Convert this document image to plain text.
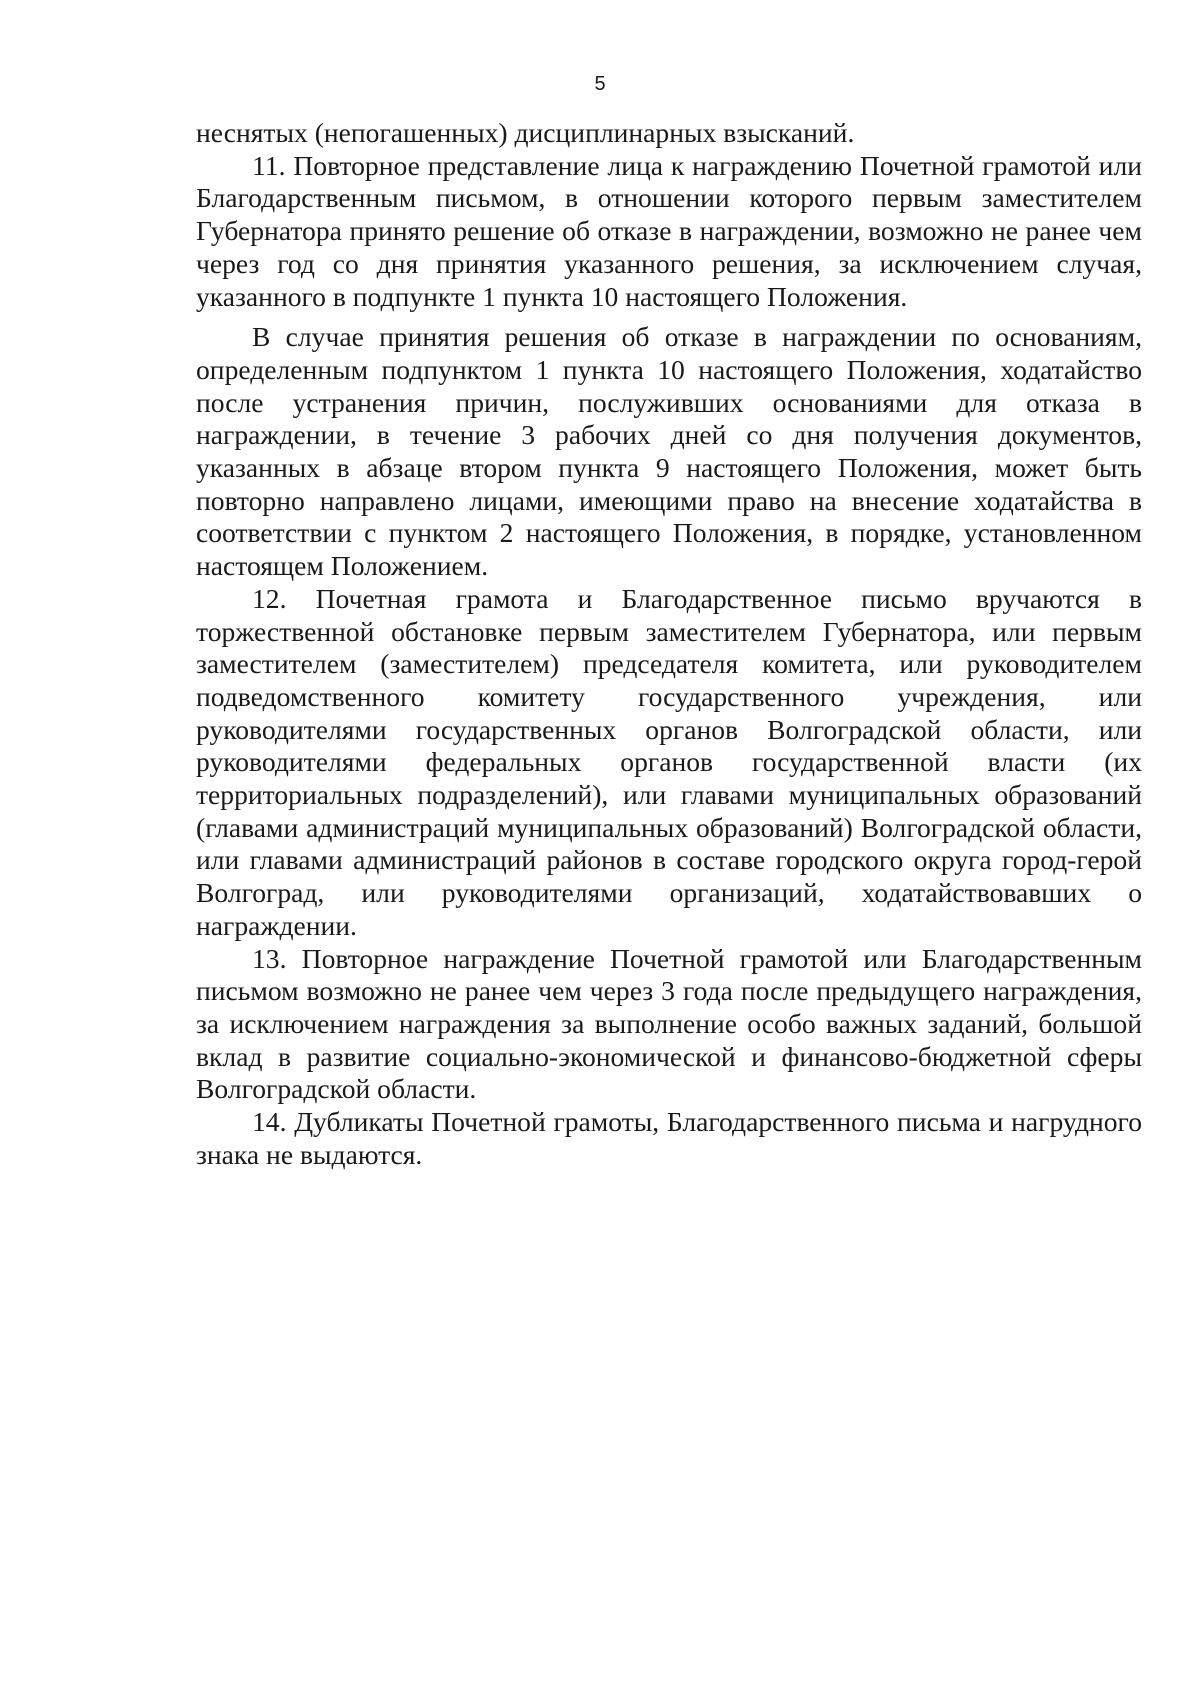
5

неснятых (непогашенных) дисциплинарных взысканий.

11. Повторное представление лица к награждению Почетной грамотой или Благодарственным письмом, в отношении которого первым заместителем Губернатора принято решение об отказе в награждении, возможно не ранее чем через год со дня принятия указанного решения, за исключением случая, указанного в подпункте 1 пункта 10 настоящего Положения.

В случае принятия решения об отказе в награждении по основаниям, определенным подпунктом 1 пункта 10 настоящего Положения, ходатайство после устранения причин, послуживших основаниями для отказа в награждении, в течение 3 рабочих дней со дня получения документов, указанных в абзаце втором пункта 9 настоящего Положения, может быть повторно направлено лицами, имеющими право на внесение ходатайства в соответствии с пунктом 2 настоящего Положения, в порядке, установленном настоящем Положением.

12. Почетная грамота и Благодарственное письмо вручаются в торжественной обстановке первым заместителем Губернатора, или первым заместителем (заместителем) председателя комитета, или руководителем подведомственного комитету государственного учреждения, или руководителями государственных органов Волгоградской области, или руководителями федеральных органов государственной власти (их территориальных подразделений), или главами муниципальных образований (главами администраций муниципальных образований) Волгоградской области, или главами администраций районов в составе городского округа город-герой Волгоград, или руководителями организаций, ходатайствовавших о награждении.

13. Повторное награждение Почетной грамотой или Благодарственным письмом возможно не ранее чем через 3 года после предыдущего награждения, за исключением награждения за выполнение особо важных заданий, большой вклад в развитие социально-экономической и финансово-бюджетной сферы Волгоградской области.

14. Дубликаты Почетной грамоты, Благодарственного письма и нагрудного знака не выдаются.
